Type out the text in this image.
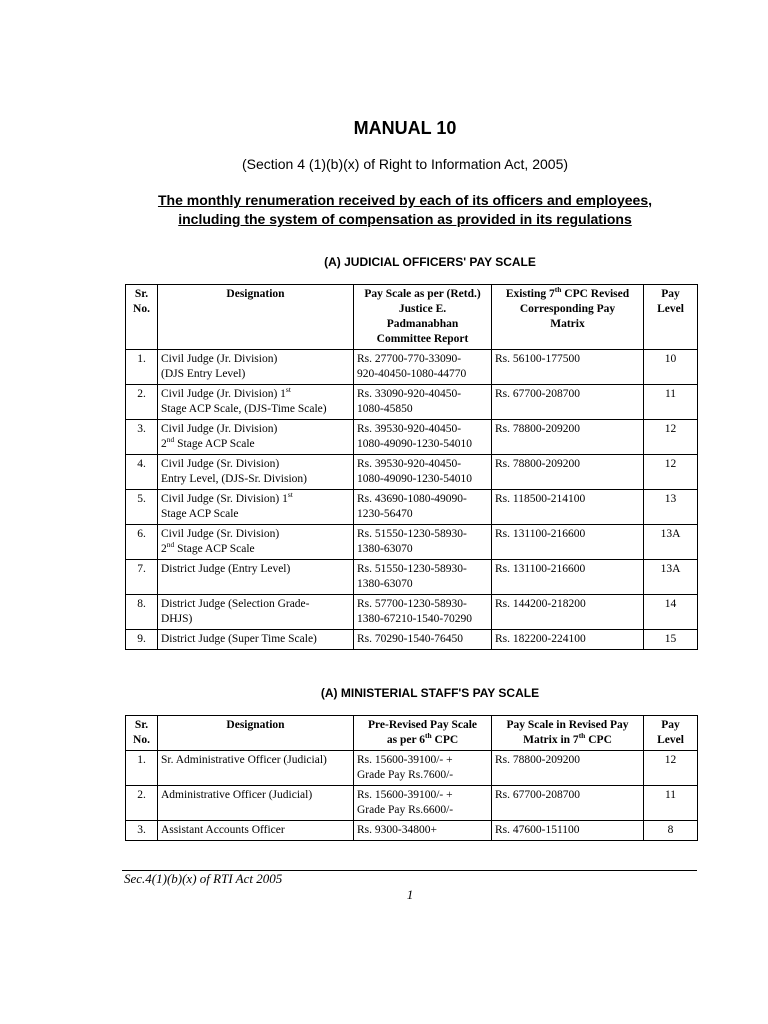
MANUAL 10
(Section 4 (1)(b)(x) of Right to Information Act, 2005)
The monthly renumeration received by each of its officers and employees, including the system of compensation as provided in its regulations
(A) JUDICIAL OFFICERS' PAY SCALE
Sr.
No.	Designation	Pay Scale as per (Retd.)
Justice E.
Padmanabhan
Committee Report	Existing 7th CPC Revised
Corresponding Pay
Matrix	Pay
Level

1.	Civil Judge (Jr. Division)
(DJS Entry Level)	Rs. 27700-770-33090-
920-40450-1080-44770	Rs. 56100-177500	10
2.	Civil Judge (Jr. Division) 1st
Stage ACP Scale, (DJS-Time Scale)	Rs. 33090-920-40450-
1080-45850	Rs. 67700-208700	11
3.	Civil Judge (Jr. Division)
2nd Stage ACP Scale	Rs. 39530-920-40450-
1080-49090-1230-54010	Rs. 78800-209200	12
4.	Civil Judge (Sr. Division)
Entry Level, (DJS-Sr. Division)	Rs. 39530-920-40450-
1080-49090-1230-54010	Rs. 78800-209200	12
5.	Civil Judge (Sr. Division) 1st
Stage ACP Scale	Rs. 43690-1080-49090-
1230-56470	Rs. 118500-214100	13
6.	Civil Judge (Sr. Division)
2nd Stage ACP Scale	Rs. 51550-1230-58930-
1380-63070	Rs. 131100-216600	13A
7.	District Judge (Entry Level)	Rs. 51550-1230-58930-
1380-63070	Rs. 131100-216600	13A
8.	District Judge (Selection Grade-
DHJS)	Rs. 57700-1230-58930-
1380-67210-1540-70290	Rs. 144200-218200	14
9.	District Judge (Super Time Scale)	Rs. 70290-1540-76450	Rs. 182200-224100	15
(A) MINISTERIAL STAFF'S PAY SCALE
Sr.
No.	Designation	Pre-Revised Pay Scale
as per 6th CPC	Pay Scale in Revised Pay
Matrix in 7th CPC	Pay
Level

1.	Sr. Administrative Officer (Judicial)	Rs. 15600-39100/- +
Grade Pay Rs.7600/-	Rs. 78800-209200	12
2.	Administrative Officer (Judicial)	Rs. 15600-39100/- +
Grade Pay Rs.6600/-	Rs. 67700-208700	11
3.	Assistant Accounts Officer	Rs. 9300-34800+	Rs. 47600-151100	8
Sec.4(1)(b)(x) of RTI Act 2005
1
